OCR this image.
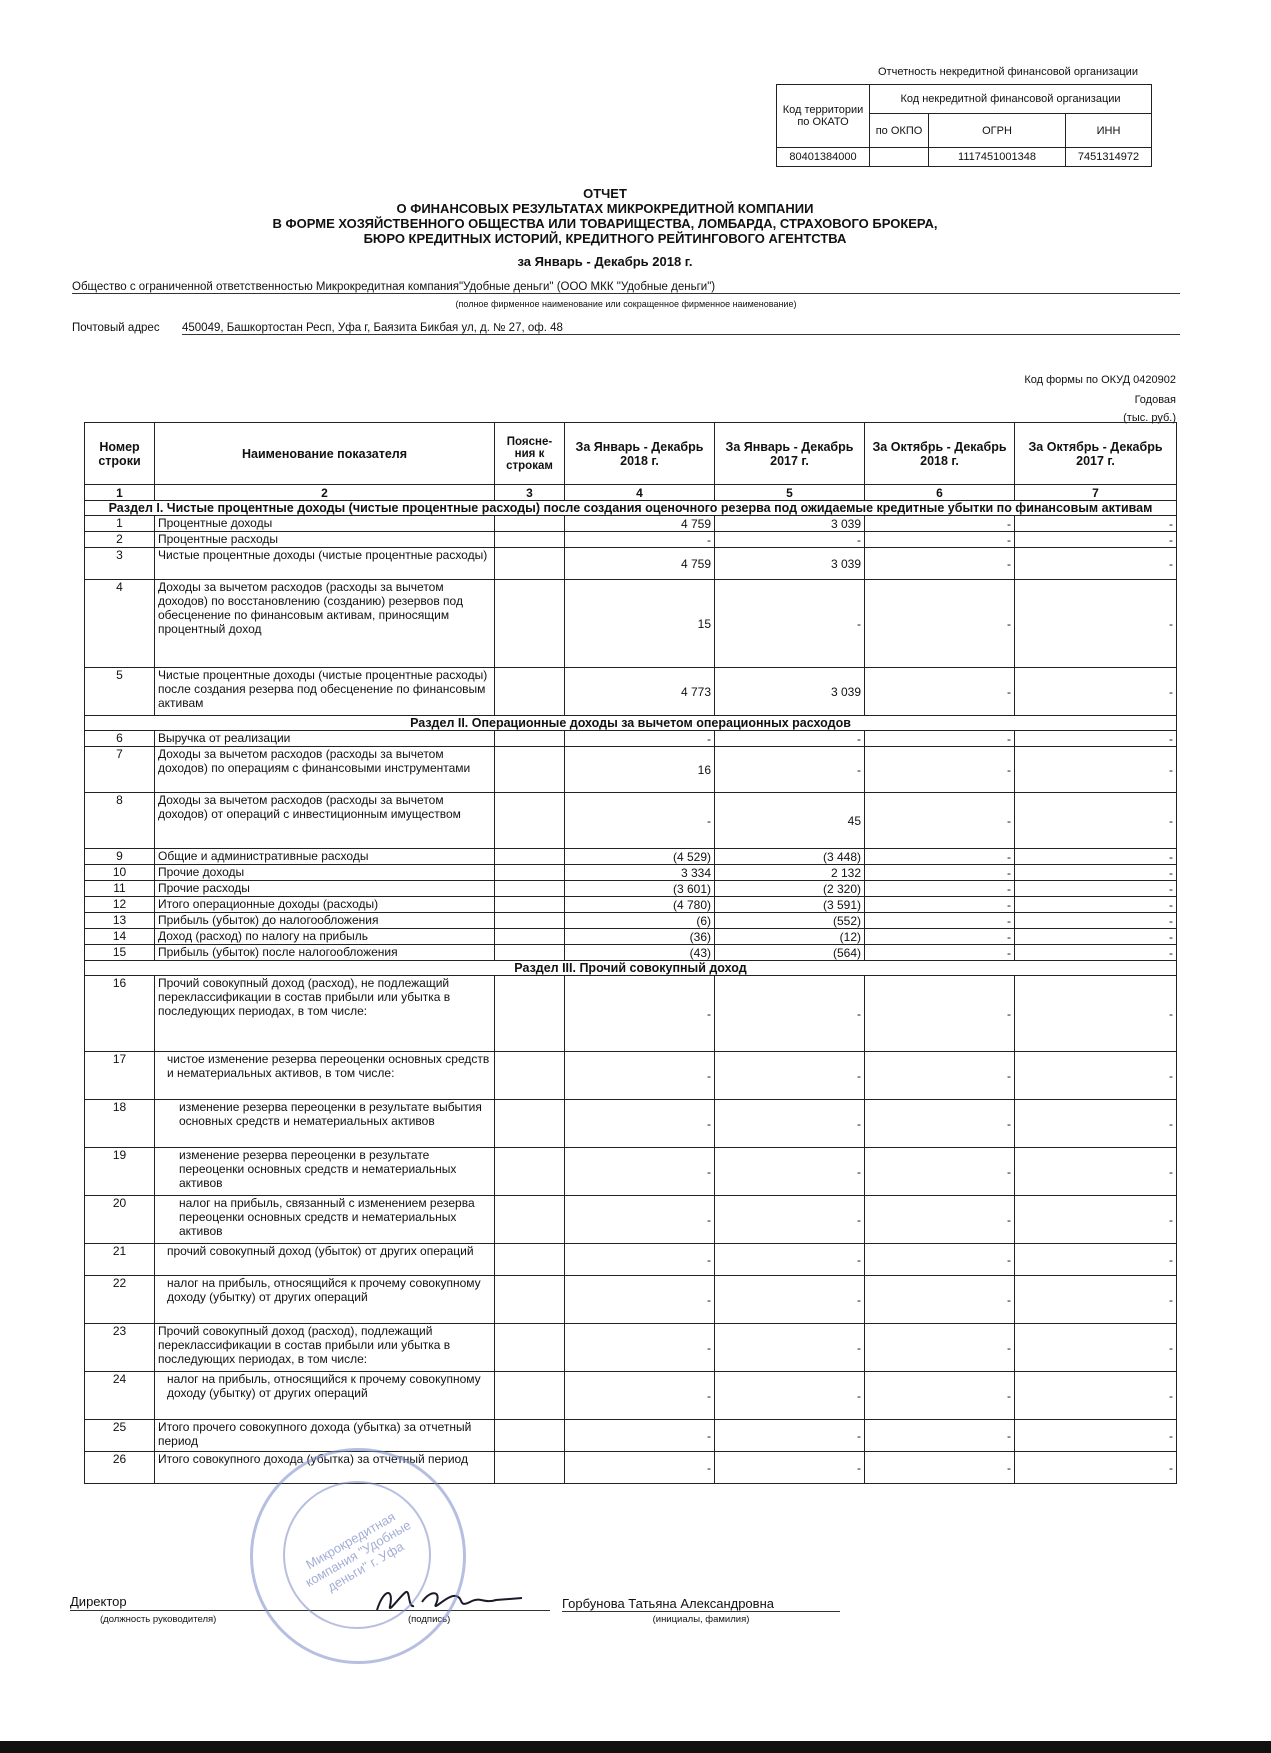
Отчетность некредитной финансовой организации
Код территории по ОКАТО	Код некредитной финансовой организации		
	по ОКПО	ОГРН	ИНН
80401384000		1117451001348	7451314972
ОТЧЕТ
О ФИНАНСОВЫХ РЕЗУЛЬТАТАХ МИКРОКРЕДИТНОЙ КОМПАНИИ
В ФОРМЕ ХОЗЯЙСТВЕННОГО ОБЩЕСТВА ИЛИ ТОВАРИЩЕСТВА, ЛОМБАРДА, СТРАХОВОГО БРОКЕРА,
БЮРО КРЕДИТНЫХ ИСТОРИЙ, КРЕДИТНОГО РЕЙТИНГОВОГО АГЕНТСТВА
за Январь - Декабрь 2018 г.
Общество с ограниченной ответственностью Микрокредитная компания"Удобные деньги" (ООО МКК "Удобные деньги")
(полное фирменное наименование или сокращенное фирменное наименование)
Почтовый адрес 450049, Башкортостан Респ, Уфа г, Баязита Бикбая ул, д. № 27, оф. 48
Код формы по ОКУД 0420902
Годовая
(тыс. руб.)
Номер строки	Наименование показателя	Поясне-ния к строкам	За Январь - Декабрь 2018 г.	За Январь - Декабрь 2017 г.	За Октябрь - Декабрь 2018 г.	За Октябрь - Декабрь 2017 г.
1	2	3	4	5	6	7
Раздел I. Чистые процентные доходы (чистые процентные расходы) после создания оценочного резерва под ожидаемые кредитные убытки по финансовым активам						
1	Процентные доходы		4 759	3 039	-	-
2	Процентные расходы		-	-	-	-
3	Чистые процентные доходы (чистые процентные расходы)		4 759	3 039	-	-
4	Доходы за вычетом расходов (расходы за вычетом доходов) по восстановлению (созданию) резервов под обесценение по финансовым активам, приносящим процентный доход		15	-	-	-
5	Чистые процентные доходы (чистые процентные расходы) после создания резерва под обесценение по финансовым активам		4 773	3 039	-	-
Раздел II. Операционные доходы за вычетом операционных расходов						
6	Выручка от реализации		-	-	-	-
7	Доходы за вычетом расходов (расходы за вычетом доходов) по операциям с финансовыми инструментами		16	-	-	-
8	Доходы за вычетом расходов (расходы за вычетом доходов) от операций с инвестиционным имуществом		-	45	-	-
9	Общие и административные расходы		(4 529)	(3 448)	-	-
10	Прочие доходы		3 334	2 132	-	-
11	Прочие расходы		(3 601)	(2 320)	-	-
12	Итого операционные доходы (расходы)		(4 780)	(3 591)	-	-
13	Прибыль (убыток) до налогообложения		(6)	(552)	-	-
14	Доход (расход) по налогу на прибыль		(36)	(12)	-	-
15	Прибыль (убыток) после налогообложения		(43)	(564)	-	-
Раздел III. Прочий совокупный доход						
16	Прочий совокупный доход (расход), не подлежащий переклассификации в состав прибыли или убытка в последующих периодах, в том числе:		-	-	-	-
17	чистое изменение резерва переоценки основных средств и нематериальных активов, в том числе:		-	-	-	-
18	изменение резерва переоценки в результате выбытия основных средств и нематериальных активов		-	-	-	-
19	изменение резерва переоценки в результате переоценки основных средств и нематериальных активов		-	-	-	-
20	налог на прибыль, связанный с изменением резерва переоценки основных средств и нематериальных активов		-	-	-	-
21	прочий совокупный доход (убыток) от других операций		-	-	-	-
22	налог на прибыль, относящийся к прочему совокупному доходу (убытку) от других операций		-	-	-	-
23	Прочий совокупный доход (расход), подлежащий переклассификации в состав прибыли или убытка в последующих периодах, в том числе:		-	-	-	-
24	налог на прибыль, относящийся к прочему совокупному доходу (убытку) от других операций		-	-	-	-
25	Итого прочего совокупного дохода (убытка) за отчетный период		-	-	-	-
26	Итого совокупного дохода (убытка) за отчетный период		-	-	-	-
Директор
(должность руководителя)	(подпись)
Горбунова Татьяна Александровна
(инициалы, фамилия)
Микрокредитная компания "Удобные деньги" г. Уфа
